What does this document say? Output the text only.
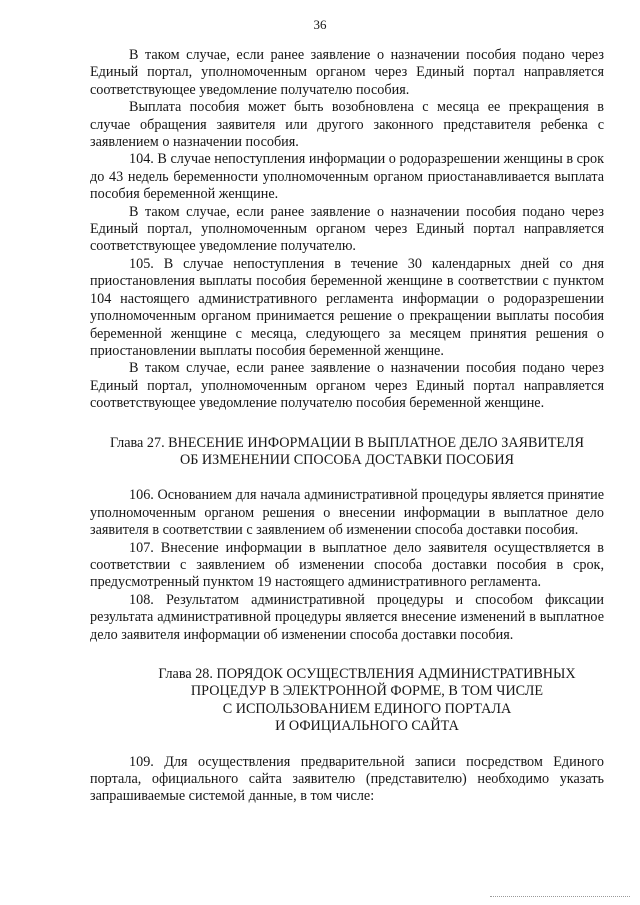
36

В таком случае, если ранее заявление о назначении пособия подано через Единый портал, уполномоченным органом через Единый портал направляется соответствующее уведомление получателю пособия.

Выплата пособия может быть возобновлена с месяца ее прекращения в случае обращения заявителя или другого законного представителя ребенка с заявлением о назначении пособия.

104. В случае непоступления информации о родоразрешении женщины в срок до 43 недель беременности уполномоченным органом приостанавливается выплата пособия беременной женщине.

В таком случае, если ранее заявление о назначении пособия подано через Единый портал, уполномоченным органом через Единый портал направляется соответствующее уведомление получателю.

105. В случае непоступления в течение 30 календарных дней со дня приостановления выплаты пособия беременной женщине в соответствии с пунктом 104 настоящего административного регламента информации о родоразрешении уполномоченным органом принимается решение о прекращении выплаты пособия беременной женщине с месяца, следующего за месяцем принятия решения о приостановлении выплаты пособия беременной женщине.

В таком случае, если ранее заявление о назначении пособия подано через Единый портал, уполномоченным органом через Единый портал направляется соответствующее уведомление получателю пособия беременной женщине.

Глава 27. ВНЕСЕНИЕ ИНФОРМАЦИИ В ВЫПЛАТНОЕ ДЕЛО ЗАЯВИТЕЛЯ
ОБ ИЗМЕНЕНИИ СПОСОБА ДОСТАВКИ ПОСОБИЯ

106. Основанием для начала административной процедуры является принятие уполномоченным органом решения о внесении информации в выплатное дело заявителя в соответствии с заявлением об изменении способа доставки пособия.

107. Внесение информации в выплатное дело заявителя осуществляется в соответствии с заявлением об изменении способа доставки пособия в срок, предусмотренный пунктом 19 настоящего административного регламента.

108. Результатом административной процедуры и способом фиксации результата административной процедуры является внесение изменений в выплатное дело заявителя информации об изменении способа доставки пособия.

Глава 28. ПОРЯДОК ОСУЩЕСТВЛЕНИЯ АДМИНИСТРАТИВНЫХ
ПРОЦЕДУР В ЭЛЕКТРОННОЙ ФОРМЕ, В ТОМ ЧИСЛЕ
С ИСПОЛЬЗОВАНИЕМ ЕДИНОГО ПОРТАЛА
И ОФИЦИАЛЬНОГО САЙТА

109. Для осуществления предварительной записи посредством Единого портала, официального сайта заявителю (представителю) необходимо указать запрашиваемые системой данные, в том числе:
